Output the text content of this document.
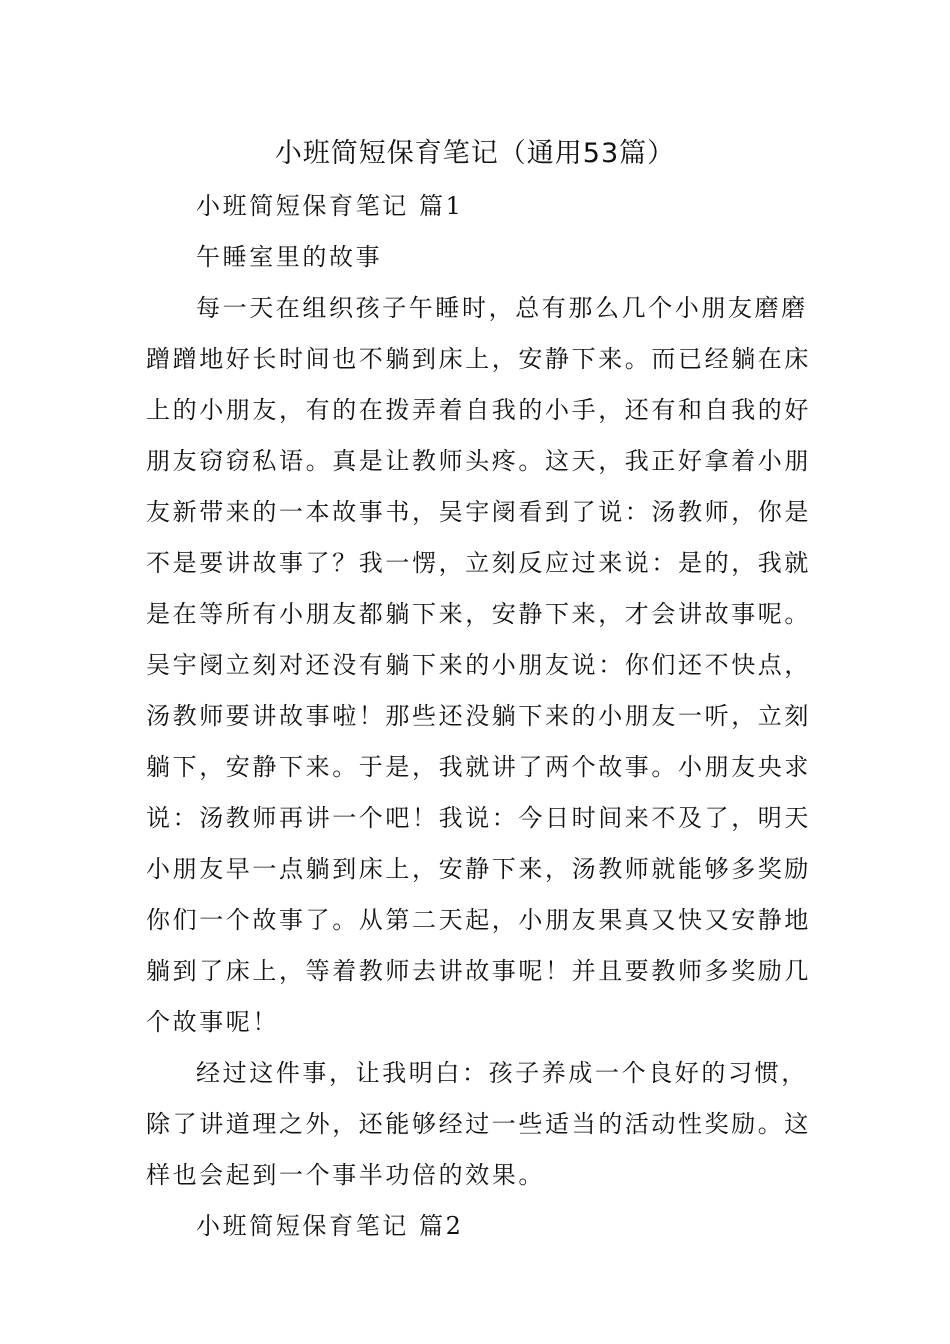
小班简短保育笔记（通用53篇）
小班简短保育笔记 篇1
午睡室里的故事
每一天在组织孩子午睡时，总有那么几个小朋友磨磨
蹭蹭地好长时间也不躺到床上，安静下来。而已经躺在床
上的小朋友，有的在拨弄着自我的小手，还有和自我的好
朋友窃窃私语。真是让教师头疼。这天，我正好拿着小朋
友新带来的一本故事书，吴宇阌看到了说：汤教师，你是
不是要讲故事了？我一愣，立刻反应过来说：是的，我就
是在等所有小朋友都躺下来，安静下来，才会讲故事呢。
吴宇阌立刻对还没有躺下来的小朋友说：你们还不快点，
汤教师要讲故事啦！那些还没躺下来的小朋友一听，立刻
躺下，安静下来。于是，我就讲了两个故事。小朋友央求
说：汤教师再讲一个吧！我说：今日时间来不及了，明天
小朋友早一点躺到床上，安静下来，汤教师就能够多奖励
你们一个故事了。从第二天起，小朋友果真又快又安静地
躺到了床上，等着教师去讲故事呢！并且要教师多奖励几
个故事呢！
经过这件事，让我明白：孩子养成一个良好的习惯，
除了讲道理之外，还能够经过一些适当的活动性奖励。这
样也会起到一个事半功倍的效果。
小班简短保育笔记 篇2
